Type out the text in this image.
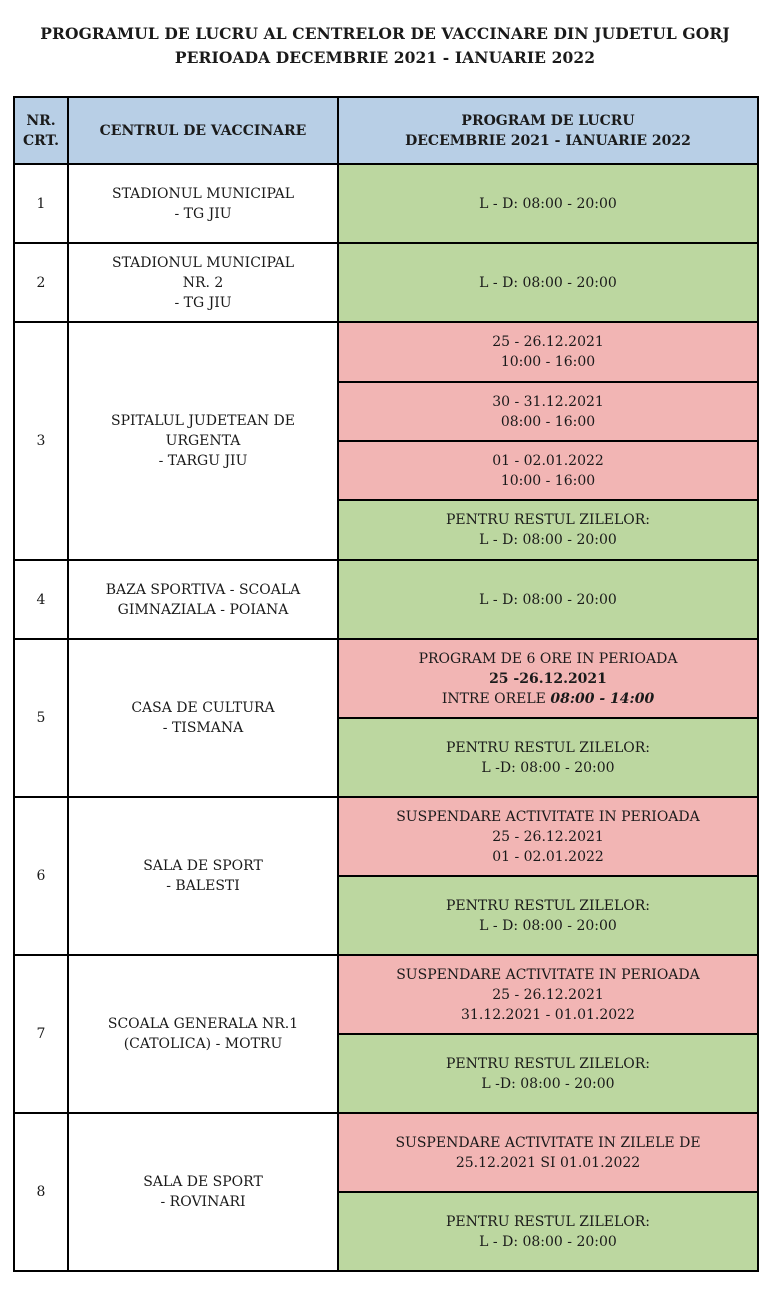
PROGRAMUL DE LUCRU AL CENTRELOR DE VACCINARE DIN JUDETUL GORJ
PERIOADA DECEMBRIE 2021 - IANUARIE 2022
NR.
CRT.	CENTRUL DE VACCINARE	PROGRAM DE LUCRU
DECEMBRIE 2021 - IANUARIE 2022

1	STADIONUL MUNICIPAL
- TG JIU	L - D: 08:00 - 20:00

2	STADIONUL MUNICIPAL
NR. 2
- TG JIU	L - D: 08:00 - 20:00

3	SPITALUL JUDETEAN DE URGENTA
- TARGU JIU	25 - 26.12.2021
10:00 - 16:00

		30 - 31.12.2021
08:00 - 16:00

		01 - 02.01.2022
10:00 - 16:00

		PENTRU RESTUL ZILELOR:
L - D: 08:00 - 20:00

4	BAZA SPORTIVA - SCOALA
GIMNAZIALA - POIANA	L - D: 08:00 - 20:00

5	CASA DE CULTURA
- TISMANA	PROGRAM DE 6 ORE IN PERIOADA
25 -26.12.2021
INTRE ORELE 08:00 - 14:00

		PENTRU RESTUL ZILELOR:
L -D: 08:00 - 20:00

6	SALA DE SPORT
- BALESTI	SUSPENDARE ACTIVITATE IN PERIOADA
25 - 26.12.2021
01 - 02.01.2022

		PENTRU RESTUL ZILELOR:
L - D: 08:00 - 20:00

7	SCOALA GENERALA NR.1
(CATOLICA) - MOTRU	SUSPENDARE ACTIVITATE IN PERIOADA
25 - 26.12.2021
31.12.2021 - 01.01.2022

		PENTRU RESTUL ZILELOR:
L -D: 08:00 - 20:00

8	SALA DE SPORT
- ROVINARI	SUSPENDARE ACTIVITATE IN ZILELE DE
25.12.2021 SI 01.01.2022

		PENTRU RESTUL ZILELOR:
L - D: 08:00 - 20:00
